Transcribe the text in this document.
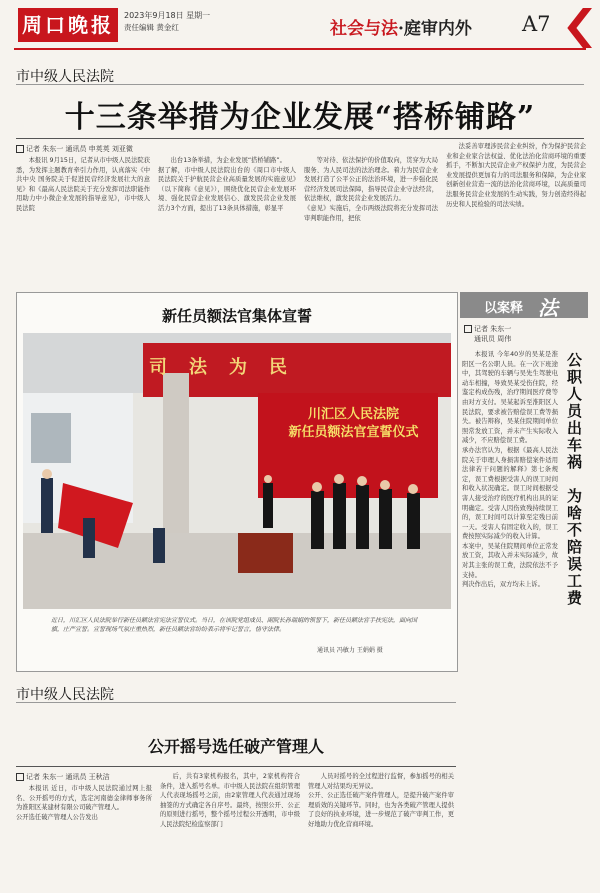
周口晚报	2023年9月18日 星期一
责任编辑 黄金红	社会与法·庭审内外 A7
市中级人民法院
十三条举措为企业发展“搭桥铺路”
记者 朱东一 通讯员 申英英 刘亚微

本报讯 9月15日，记者从市中级人民法院获悉，为发挥主题教育牵引力作用，认真落实《中共中央 国务院关于促进民营经济发展壮大的意见》和《最高人民法院关于充分发挥司法职能作用助力中小微企业发展的指导意见》，市中级人民法院

出台13条举措，为企业发展“搭桥铺路”。
据了解，市中级人民法院出台的《周口市中级人民法院关于护航民营企业高质量发展的实施意见》（以下简称《意见》），围绕优化民营企业发展环境、强化民营企业发展信心、激发民营企业发展活力3个方面，提出了13条具体措施，彰显平

等对待、依法保护的价值取向，贯穿为大局服务、为人民司法的法治理念。着力为民营企业发展打造了公平公正的法治环境，进一步强化民营经济发展司法保障，指导民营企业守法经营，依法维权，激发民营企业发展活力。
《意见》实施后，全市两级法院将充分发挥司法审判职能作用，把依

法妥善审理涉民营企业纠纷，作为保护民营企业和企业家合法权益、优化法治化营商环境的重要抓手，不断加大民营企业产权保护力度，为民营企业发展提供更加有力的司法服务和保障，为企业家创新创业营造一流的法治化营商环境，以高质量司法服务民营企业发展的生动实践，努力创造经得起历史和人民检验的司法实绩。

新任员额法官集体宣誓
川汇区人民法院
新任员额法官宣誓仪式
司法为民
近日，川汇区人民法院举行新任员额法官宪法宣誓仪式。当日，在该院党组成员、副院长孙瑞娟的领誓下，新任员额法官手扶宪法，面向国旗，庄严宣誓。宣誓现场气氛庄重热烈，新任员额法官纷纷表示将牢记誓言，恪守法律。
通讯员 冯敏力 王娟娟 摄
以案释 法
记者 朱东一
通讯员 周伟
公职人员出车祸
为啥不陪误工费

本报讯 今年40岁的吴某是淮阳区一名公职人员。在一次下班途中，其驾驶的车辆与吴先生驾驶电动车相撞，导致吴某受伤住院，经鉴定构成伤残，治疗期间医疗费等由对方支付。吴某起诉至淮阳区人民法院，要求被告赔偿误工费等损失。被告辩称，吴某住院期间单位照常发放工资，并未产生实际收入减少，不应赔偿误工费。
承办法官认为，根据《最高人民法院关于审理人身损害赔偿案件适用法律若干问题的解释》第七条规定，误工费根据受害人的误工时间和收入状况确定。误工时间根据受害人接受治疗的医疗机构出具的证明确定。受害人因伤致残持续误工的，误工时间可以计算至定残日前一天。受害人有固定收入的，误工费按照实际减少的收入计算。
本案中，吴某住院期间单位正常发放工资，其收入并未实际减少，故对其主张的误工费，法院依法不予支持。
判决作出后，双方均未上诉。

市中级人民法院
公开摇号选任破产管理人
记者 朱东一 通讯员 王秋洁

本报讯 近日，市中级人民法院通过网上报名、公开摇号的方式，选定河南德金律师事务所为淮阳区某建材有限公司破产管理人。
公开选任破产管理人公告发出

后，共有3家机构报名，其中，2家机构符合条件，进入摇号名单。市中级人民法院在组织管理人代表现场摇号之前，由2家管理人代表通过现场抽签的方式确定各自序号。最终，按照公开、公正的原则进行摇号，整个摇号过程公开透明，市中级人民法院纪检监察部门

人员对摇号的全过程进行监督，参加摇号的相关管理人对结果均无异议。
公开、公正选任破产案件管理人，是提升破产案件审理质效的关键环节。同时，也为各类破产管理人提供了良好的执业环境，进一步规范了破产审判工作，更好地助力优化营商环境。
